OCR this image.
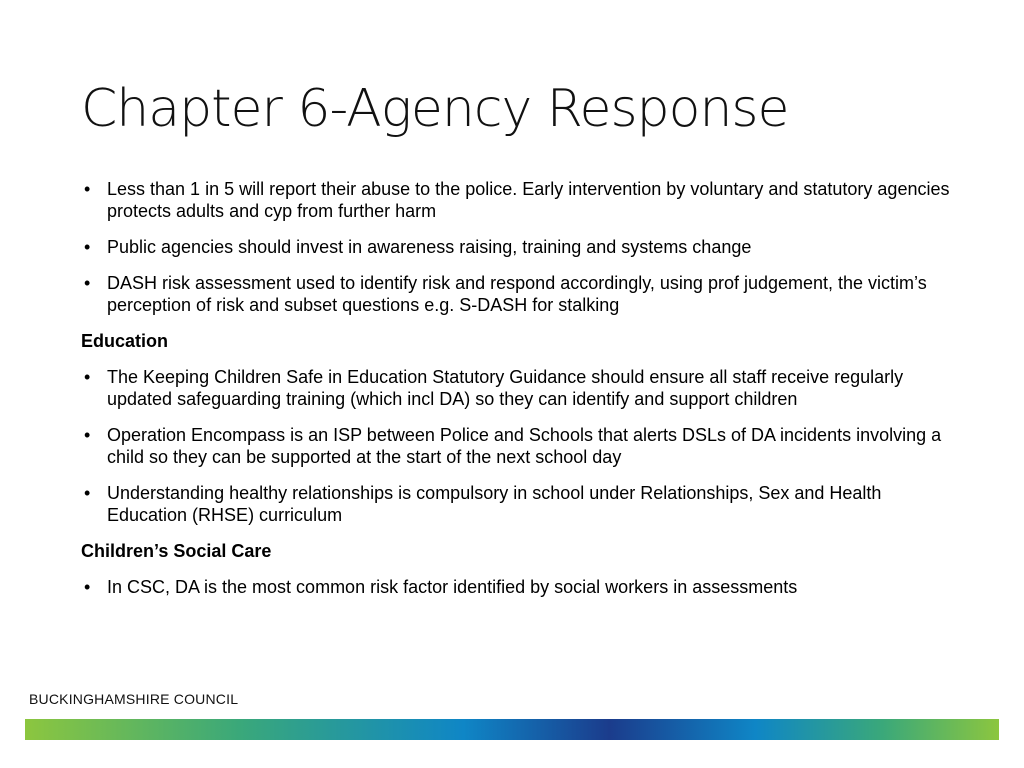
Chapter 6-Agency Response
• Less than 1 in 5 will report their abuse to the police. Early intervention by voluntary and statutory agencies protects adults and cyp from further harm
• Public agencies should invest in awareness raising, training and systems change
• DASH risk assessment used to identify risk and respond accordingly, using prof judgement, the victim’s perception of risk and subset questions e.g. S-DASH for stalking
Education
• The Keeping Children Safe in Education Statutory Guidance should ensure all staff receive regularly updated safeguarding training (which incl DA) so they can identify and support children
• Operation Encompass is an ISP between Police and Schools that alerts DSLs of DA incidents involving a child so they can be supported at the start of the next school day
• Understanding healthy relationships is compulsory in school under Relationships, Sex and Health Education (RHSE) curriculum
Children’s Social Care
• In CSC, DA is the most common risk factor identified by social workers in assessments
BUCKINGHAMSHIRE COUNCIL
